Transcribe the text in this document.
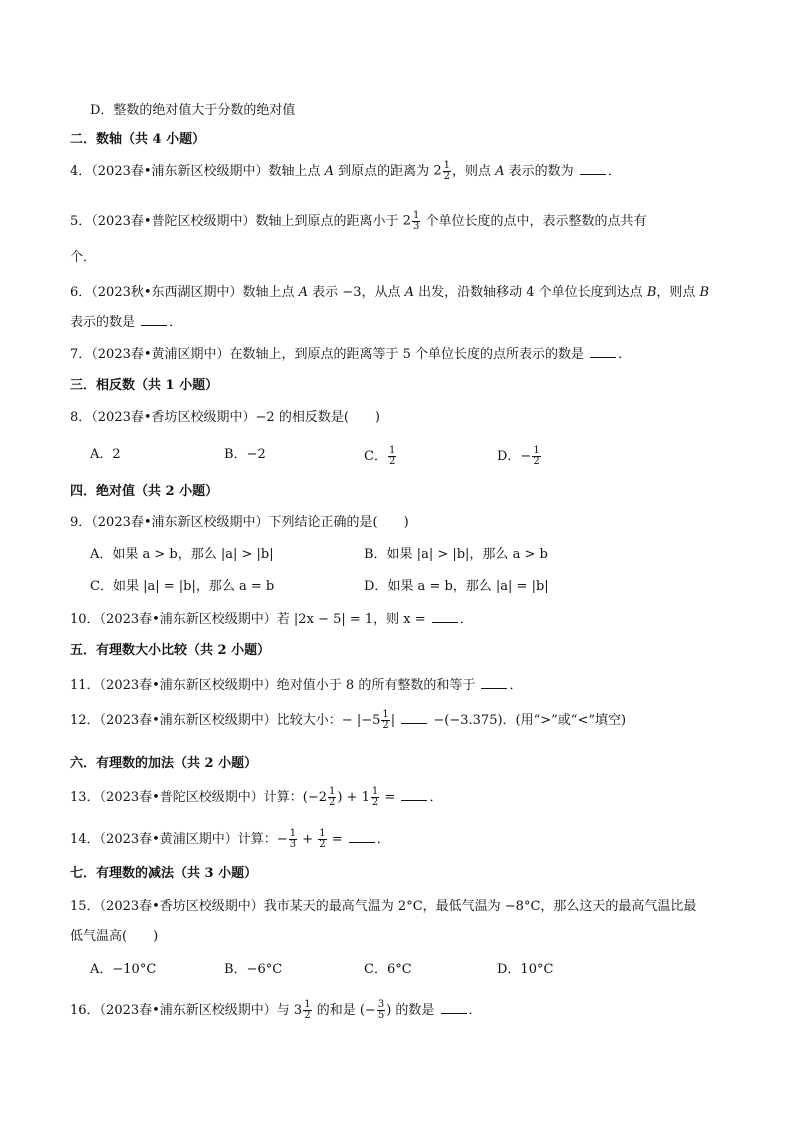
D．整数的绝对值大于分数的绝对值
二．数轴（共 4 小题）
4．（2023春•浦东新区校级期中）数轴上点 A 到原点的距离为 $2 \frac{1}{2}$ ，则点 A 表示的数为 ．
5．（2023春•普陀区校级期中）数轴上到原点的距离小于 $2 \frac{1}{3}$ 个单位长度的点中，表示整数的点共有
个．
6．（2023秋•东西湖区期中）数轴上点 A 表示 −3，从点 A 出发，沿数轴移动 4 个单位长度到达点 B，则点 B
表示的数是 ．
7．（2023春•黄浦区期中）在数轴上，到原点的距离等于 5 个单位长度的点所表示的数是 ．
三．相反数（共 1 小题）
8．（2023春•香坊区校级期中）−2 的相反数是(　　)
A．2	B．−2	C． $\frac{1}{2}$	D．− $\frac{1}{2}$
四．绝对值（共 2 小题）
9．（2023春•浦东新区校级期中）下列结论正确的是(　　)
A．如果 a > b，那么 |a| > |b|	B．如果 |a| > |b|，那么 a > b
C．如果 |a| = |b|，那么 a = b	D．如果 a = b，那么 |a| = |b|
10．（2023春•浦东新区校级期中）若 |2x − 5| = 1，则 x = ．
五．有理数大小比较（共 2 小题）
11．（2023春•浦东新区校级期中）绝对值小于 8 的所有整数的和等于 ．
12．（2023春•浦东新区校级期中）比较大小：− $|-5 \frac{1}{2}$ |  −(−3.375)．(用“>”或“<”填空)
六．有理数的加法（共 2 小题）
13．（2023春•普陀区校级期中）计算：($-2 \frac{1}{2}$ ) + $1 \frac{1}{2}$ = ．
14．（2023春•黄浦区期中）计算：− $\frac{1}{3} + \frac{1}{2}$ = ．
七．有理数的减法（共 3 小题）
15．（2023春•香坊区校级期中）我市某天的最高气温为 2°C，最低气温为 −8°C，那么这天的最高气温比最
低气温高(　　)
A．−10°C	B．−6°C	C．6°C	D．10°C
16．（2023春•浦东新区校级期中）与 $3 \frac{1}{2}$ 的和是 (− $\frac{3}{5}$ ) 的数是 ．
